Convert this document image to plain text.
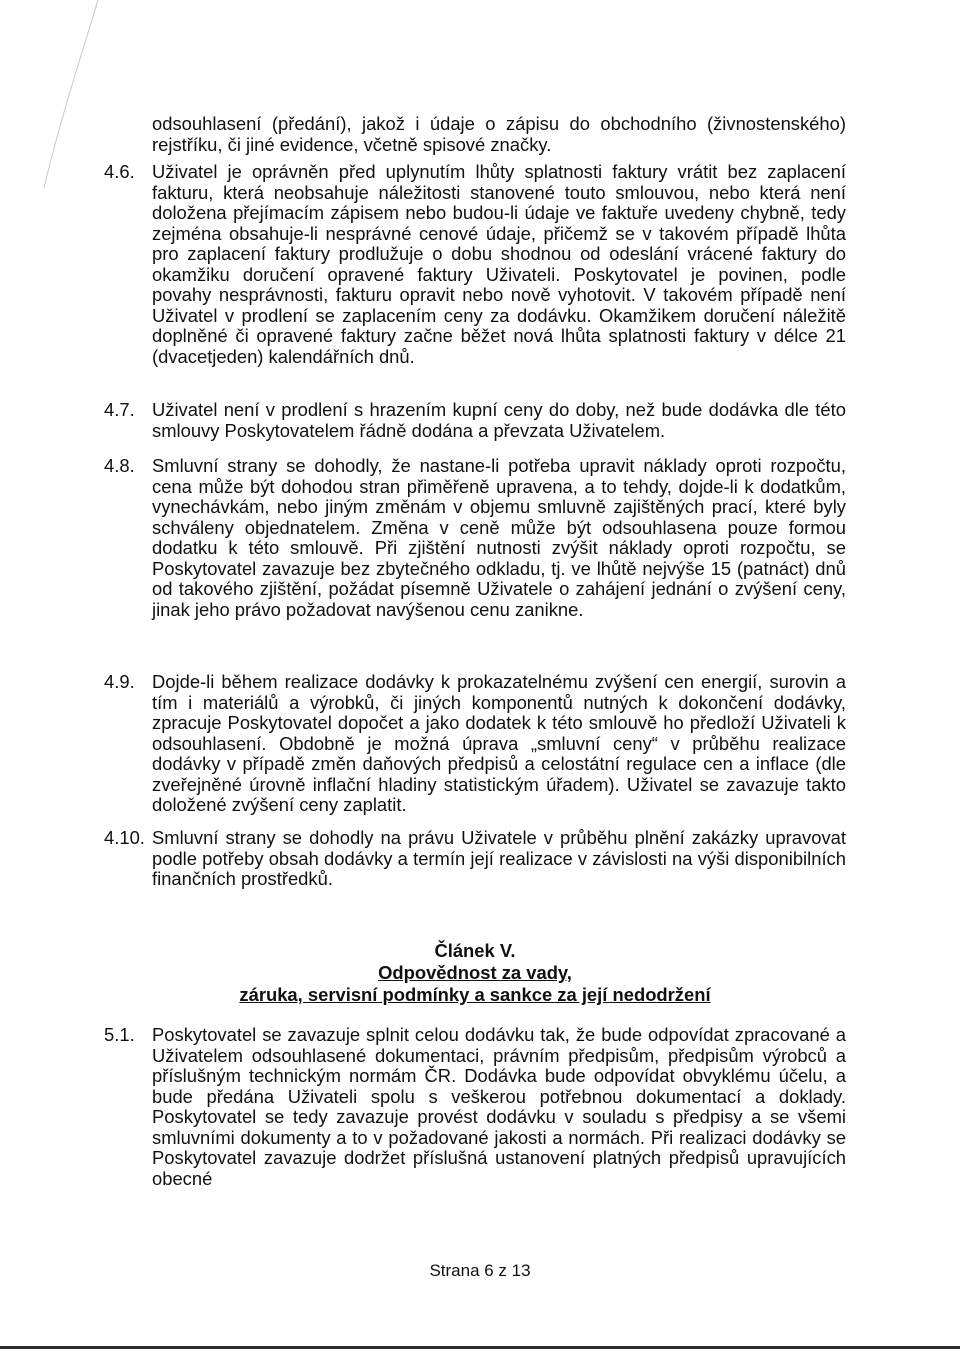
odsouhlasení (předání), jakož i údaje o zápisu do obchodního (živnostenského) rejstříku, či jiné evidence, včetně spisové značky.
4.6. Uživatel je oprávněn před uplynutím lhůty splatnosti faktury vrátit bez zaplacení fakturu, která neobsahuje náležitosti stanovené touto smlouvou, nebo která není doložena přejímacím zápisem nebo budou-li údaje ve faktuře uvedeny chybně, tedy zejména obsahuje-li nesprávné cenové údaje, přičemž se v takovém případě lhůta pro zaplacení faktury prodlužuje o dobu shodnou od odeslání vrácené faktury do okamžiku doručení opravené faktury Uživateli. Poskytovatel je povinen, podle povahy nesprávnosti, fakturu opravit nebo nově vyhotovit. V takovém případě není Uživatel v prodlení se zaplacením ceny za dodávku. Okamžikem doručení náležitě doplněné či opravené faktury začne běžet nová lhůta splatnosti faktury v délce 21 (dvacetjeden) kalendářních dnů.
4.7. Uživatel není v prodlení s hrazením kupní ceny do doby, než bude dodávka dle této smlouvy Poskytovatelem řádně dodána a převzata Uživatelem.
4.8. Smluvní strany se dohodly, že nastane-li potřeba upravit náklady oproti rozpočtu, cena může být dohodou stran přiměřeně upravena, a to tehdy, dojde-li k dodatkům, vynechávkám, nebo jiným změnám v objemu smluvně zajištěných prací, které byly schváleny objednatelem. Změna v ceně může být odsouhlasena pouze formou dodatku k této smlouvě. Při zjištění nutnosti zvýšit náklady oproti rozpočtu, se Poskytovatel zavazuje bez zbytečného odkladu, tj. ve lhůtě nejvýše 15 (patnáct) dnů od takového zjištění, požádat písemně Uživatele o zahájení jednání o zvýšení ceny, jinak jeho právo požadovat navýšenou cenu zanikne.
4.9. Dojde-li během realizace dodávky k prokazatelnému zvýšení cen energií, surovin a tím i materiálů a výrobků, či jiných komponentů nutných k dokončení dodávky, zpracuje Poskytovatel dopočet a jako dodatek k této smlouvě ho předloží Uživateli k odsouhlasení. Obdobně je možná úprava „smluvní ceny“ v průběhu realizace dodávky v případě změn daňových předpisů a celostátní regulace cen a inflace (dle zveřejněné úrovně inflační hladiny statistickým úřadem). Uživatel se zavazuje takto doložené zvýšení ceny zaplatit.
4.10. Smluvní strany se dohodly na právu Uživatele v průběhu plnění zakázky upravovat podle potřeby obsah dodávky a termín její realizace v závislosti na výši disponibilních finančních prostředků.
Článek V.
Odpovědnost za vady,
záruka, servisní podmínky a sankce za její nedodržení
5.1. Poskytovatel se zavazuje splnit celou dodávku tak, že bude odpovídat zpracované a Uživatelem odsouhlasené dokumentaci, právním předpisům, předpisům výrobců a příslušným technickým normám ČR. Dodávka bude odpovídat obvyklému účelu, a bude předána Uživateli spolu s veškerou potřebnou dokumentací a doklady. Poskytovatel se tedy zavazuje provést dodávku v souladu s předpisy a se všemi smluvními dokumenty a to v požadované jakosti a normách. Při realizaci dodávky se Poskytovatel zavazuje dodržet příslušná ustanovení platných předpisů upravujících obecné
Strana 6 z 13
